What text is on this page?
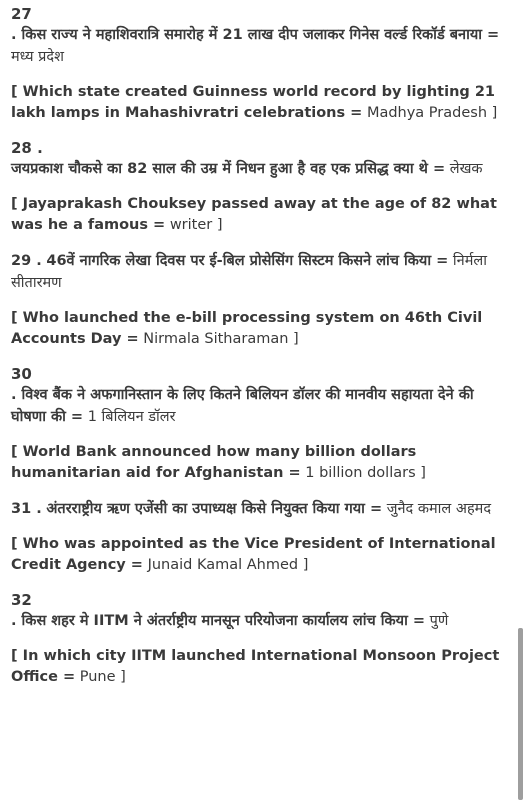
27
. किस राज्य ने महाशिवरात्रि समारोह में 21 लाख दीप जलाकर गिनेस वर्ल्ड रिकॉर्ड बनाया = मध्य प्रदेश
[ Which state created Guinness world record by lighting 21 lakh lamps in Mahashivratri celebrations = Madhya Pradesh ]
28 .
जयप्रकाश चौकसे का 82 साल की उम्र में निधन हुआ है वह एक प्रसिद्ध क्या थे = लेखक
[ Jayaprakash Chouksey passed away at the age of 82 what was he a famous = writer ]
29 . 46वें नागरिक लेखा दिवस पर ई-बिल प्रोसेसिंग सिस्टम किसने लांच किया = निर्मला सीतारमण
[ Who launched the e-bill processing system on 46th Civil Accounts Day = Nirmala Sitharaman ]
30
. विश्व बैंक ने अफगानिस्तान के लिए कितने बिलियन डॉलर की मानवीय सहायता देने की घोषणा की = 1 बिलियन डॉलर
[ World Bank announced how many billion dollars humanitarian aid for Afghanistan = 1 billion dollars ]
31 . अंतरराष्ट्रीय ऋण एजेंसी का उपाध्यक्ष किसे नियुक्त किया गया = जुनैद कमाल अहमद
[ Who was appointed as the Vice President of International Credit Agency = Junaid Kamal Ahmed ]
32
. किस शहर मे IITM ने अंतर्राष्ट्रीय मानसून परियोजना कार्यालय लांच किया = पुणे
[ In which city IITM launched International Monsoon Project Office = Pune ]
